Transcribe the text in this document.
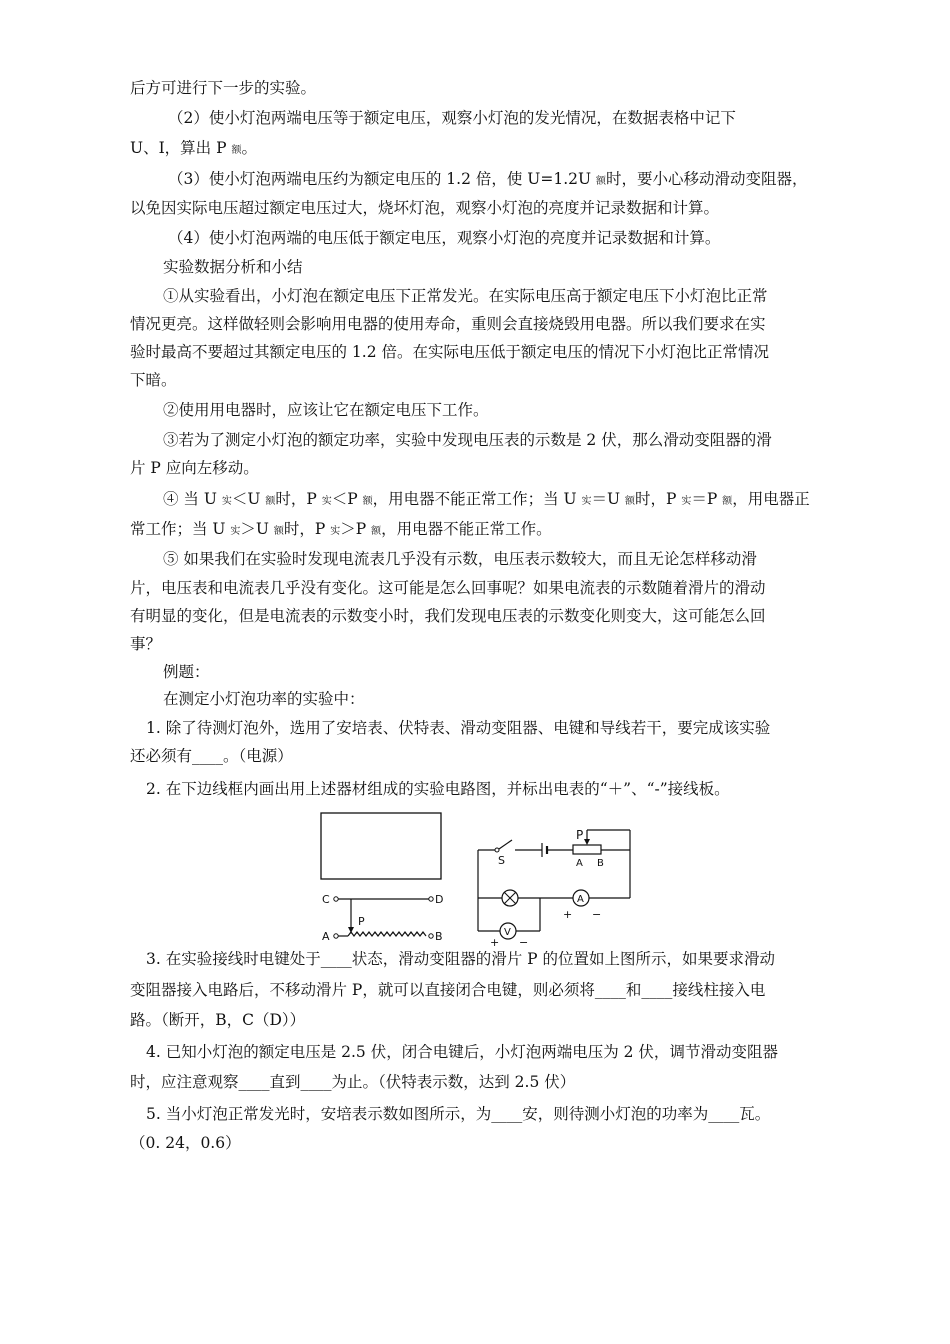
后方可进行下一步的实验。
（2）使小灯泡两端电压等于额定电压，观察小灯泡的发光情况，在数据表格中记下
U、I，算出 P 额。
（3）使小灯泡两端电压约为额定电压的 1.2 倍，使 U=1.2U 额时，要小心移动滑动变阻器，
以免因实际电压超过额定电压过大，烧坏灯泡，观察小灯泡的亮度并记录数据和计算。
（4）使小灯泡两端的电压低于额定电压，观察小灯泡的亮度并记录数据和计算。
实验数据分析和小结
①从实验看出，小灯泡在额定电压下正常发光。在实际电压高于额定电压下小灯泡比正常
情况更亮。这样做轻则会影响用电器的使用寿命，重则会直接烧毁用电器。所以我们要求在实
验时最高不要超过其额定电压的 1.2 倍。在实际电压低于额定电压的情况下小灯泡比正常情况
下暗。
②使用用电器时，应该让它在额定电压下工作。
③若为了测定小灯泡的额定功率，实验中发现电压表的示数是 2 伏，那么滑动变阻器的滑
片 P 应向左移动。
④ 当 U 实＜U 额时，P 实＜P 额，用电器不能正常工作；当 U 实＝U 额时，P 实＝P 额，用电器正
常工作；当 U 实＞U 额时，P 实＞P 额，用电器不能正常工作。
⑤ 如果我们在实验时发现电流表几乎没有示数，电压表示数较大，而且无论怎样移动滑
片，电压表和电流表几乎没有变化。这可能是怎么回事呢？如果电流表的示数随着滑片的滑动
有明显的变化，但是电流表的示数变小时，我们发现电压表的示数变化则变大，这可能怎么回
事？
例题：
在测定小灯泡功率的实验中：
1. 除了待测灯泡外，选用了安培表、伏特表、滑动变阻器、电键和导线若干，要完成该实验
还必须有____。（电源）
2. 在下边线框内画出用上述器材组成的实验电路图，并标出电表的“＋”、“-”接线板。
C	D
P
A	B
S
P
A B
A
+ −
V
+ −
3. 在实验接线时电键处于____状态，滑动变阻器的滑片 P 的位置如上图所示，如果要求滑动
变阻器接入电路后，不移动滑片 P，就可以直接闭合电键，则必须将____和____接线柱接入电
路。（断开，B，C（D））
4. 已知小灯泡的额定电压是 2.5 伏，闭合电键后，小灯泡两端电压为 2 伏，调节滑动变阻器
时，应注意观察____直到____为止。（伏特表示数，达到 2.5 伏）
5. 当小灯泡正常发光时，安培表示数如图所示，为____安，则待测小灯泡的功率为____瓦。
（0. 24，0.6）
